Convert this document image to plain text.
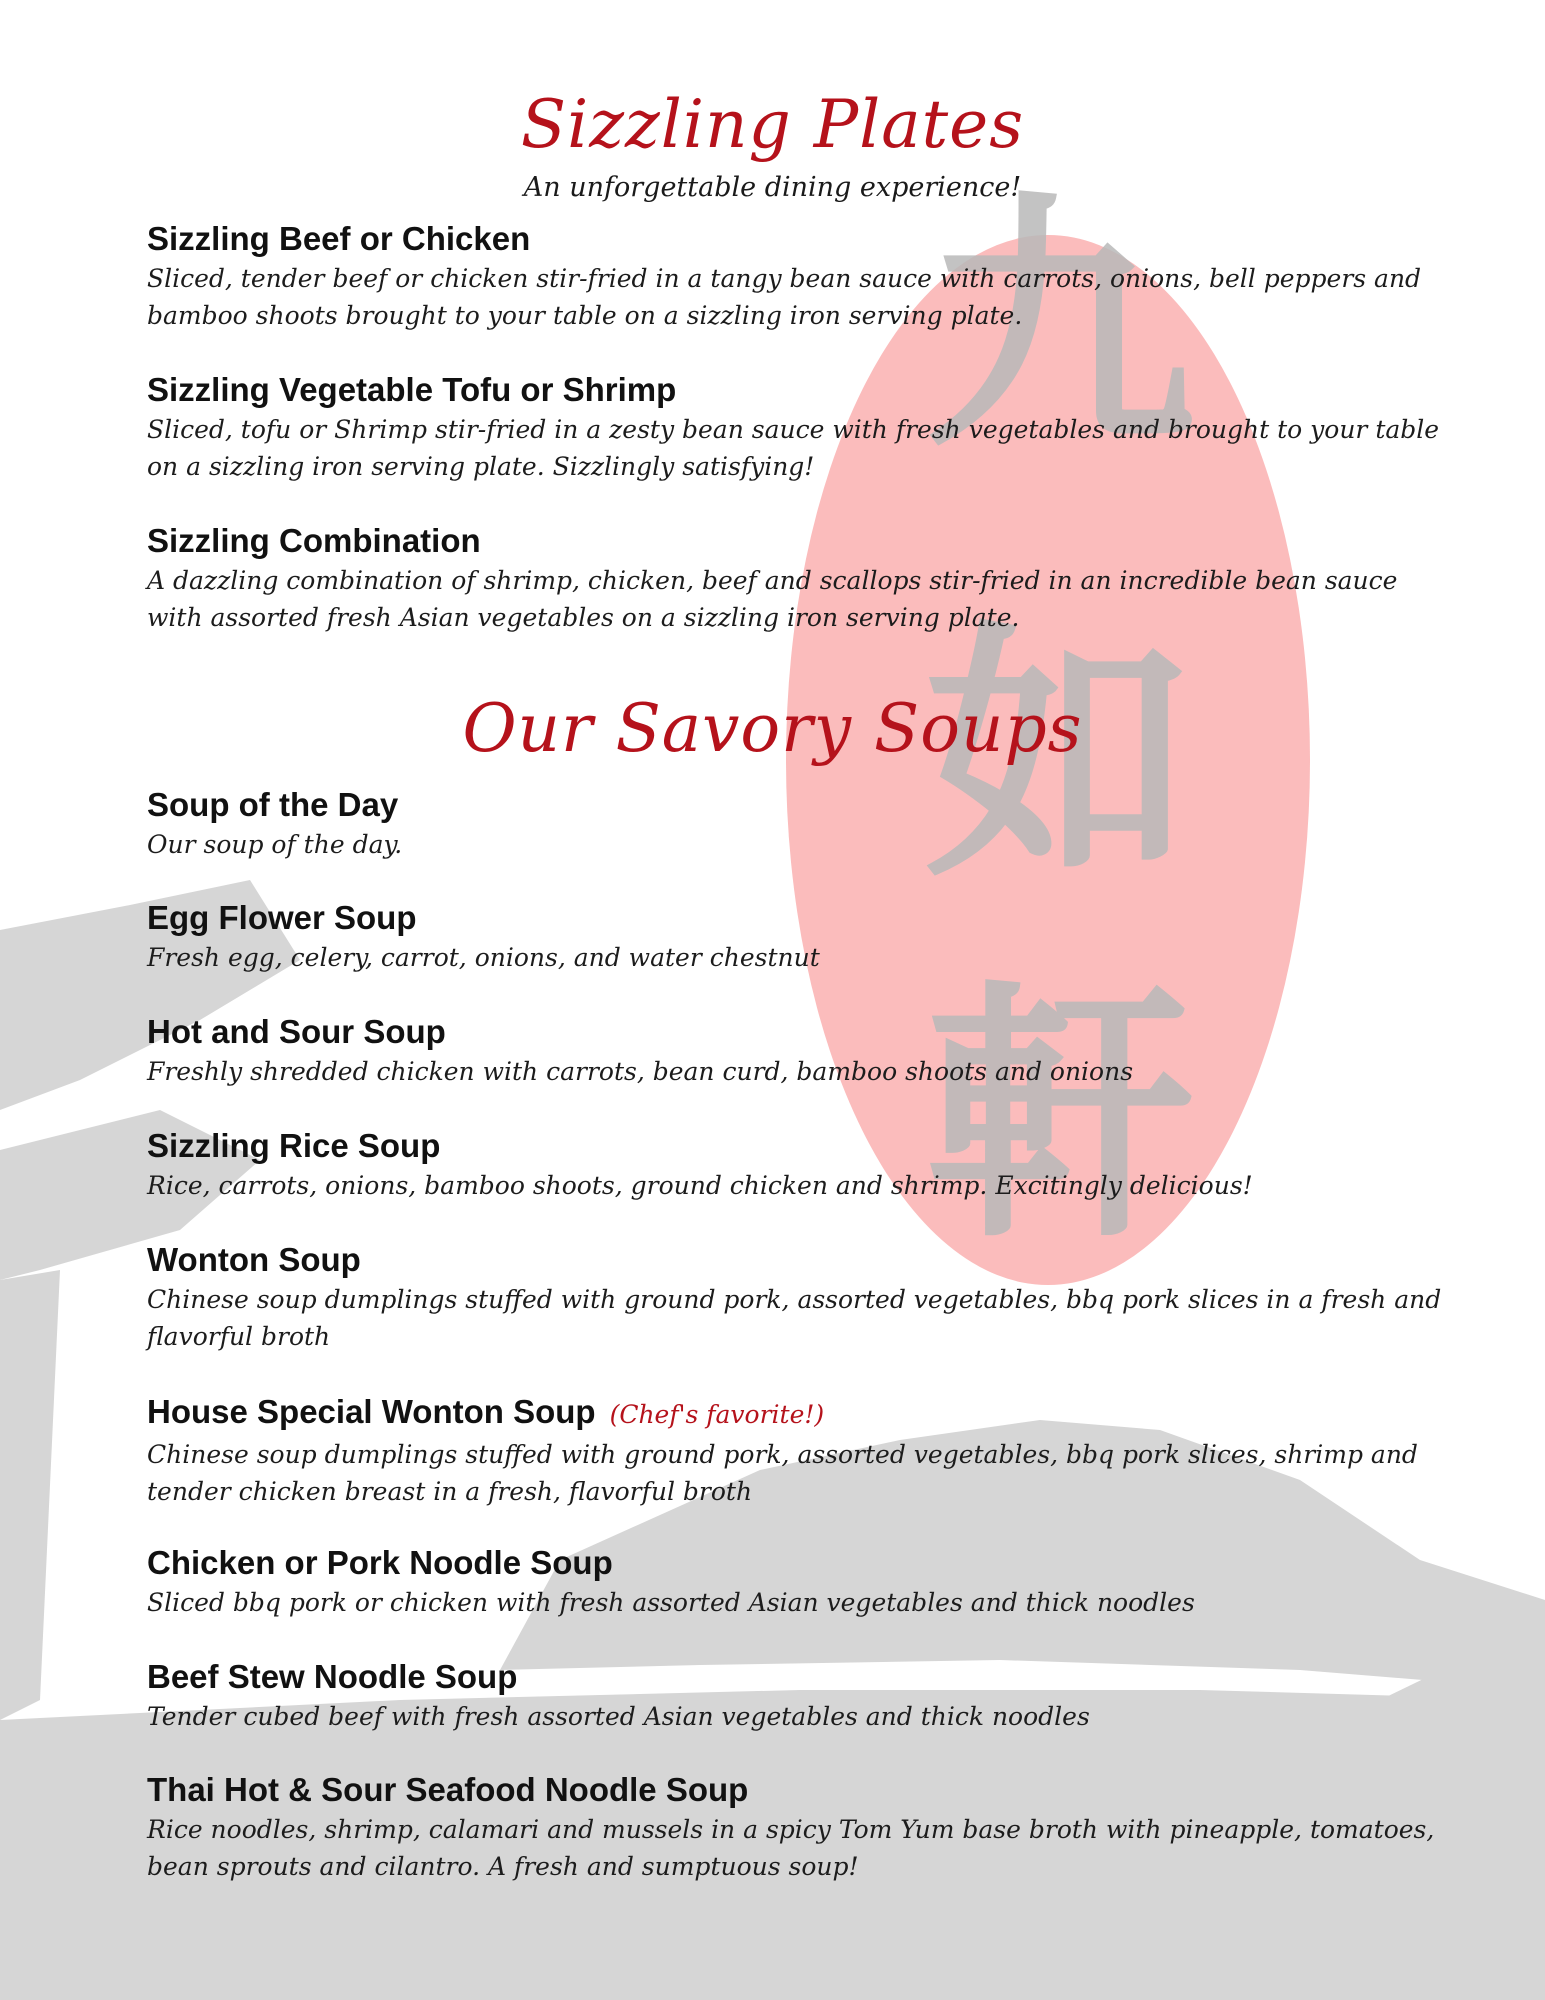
九
如
軒
Sizzling Plates

An unforgettable dining experience!

Sizzling Beef or Chicken

Sliced, tender beef or chicken stir-fried in a tangy bean sauce with carrots, onions, bell peppers and bamboo shoots brought to your table on a sizzling iron serving plate.

Sizzling Vegetable Tofu or Shrimp

Sliced, tofu or Shrimp stir-fried in a zesty bean sauce with fresh vegetables and brought to your table on a sizzling iron serving plate. Sizzlingly satisfying!

Sizzling Combination

A dazzling combination of shrimp, chicken, beef and scallops stir-fried in an incredible bean sauce with assorted fresh Asian vegetables on a sizzling iron serving plate.

Our Savory Soups

Soup of the Day

Our soup of the day.

Egg Flower Soup

Fresh egg, celery, carrot, onions, and water chestnut

Hot and Sour Soup

Freshly shredded chicken with carrots, bean curd, bamboo shoots and onions

Sizzling Rice Soup

Rice, carrots, onions, bamboo shoots, ground chicken and shrimp. Excitingly delicious!

Wonton Soup

Chinese soup dumplings stuffed with ground pork, assorted vegetables, bbq pork slices in a fresh and flavorful broth

House Special Wonton Soup (Chef's favorite!)

Chinese soup dumplings stuffed with ground pork, assorted vegetables, bbq pork slices, shrimp and tender chicken breast in a fresh, flavorful broth

Chicken or Pork Noodle Soup

Sliced bbq pork or chicken with fresh assorted Asian vegetables and thick noodles

Beef Stew Noodle Soup

Tender cubed beef with fresh assorted Asian vegetables and thick noodles

Thai Hot & Sour Seafood Noodle Soup

Rice noodles, shrimp, calamari and mussels in a spicy Tom Yum base broth with pineapple, tomatoes, bean sprouts and cilantro. A fresh and sumptuous soup!
